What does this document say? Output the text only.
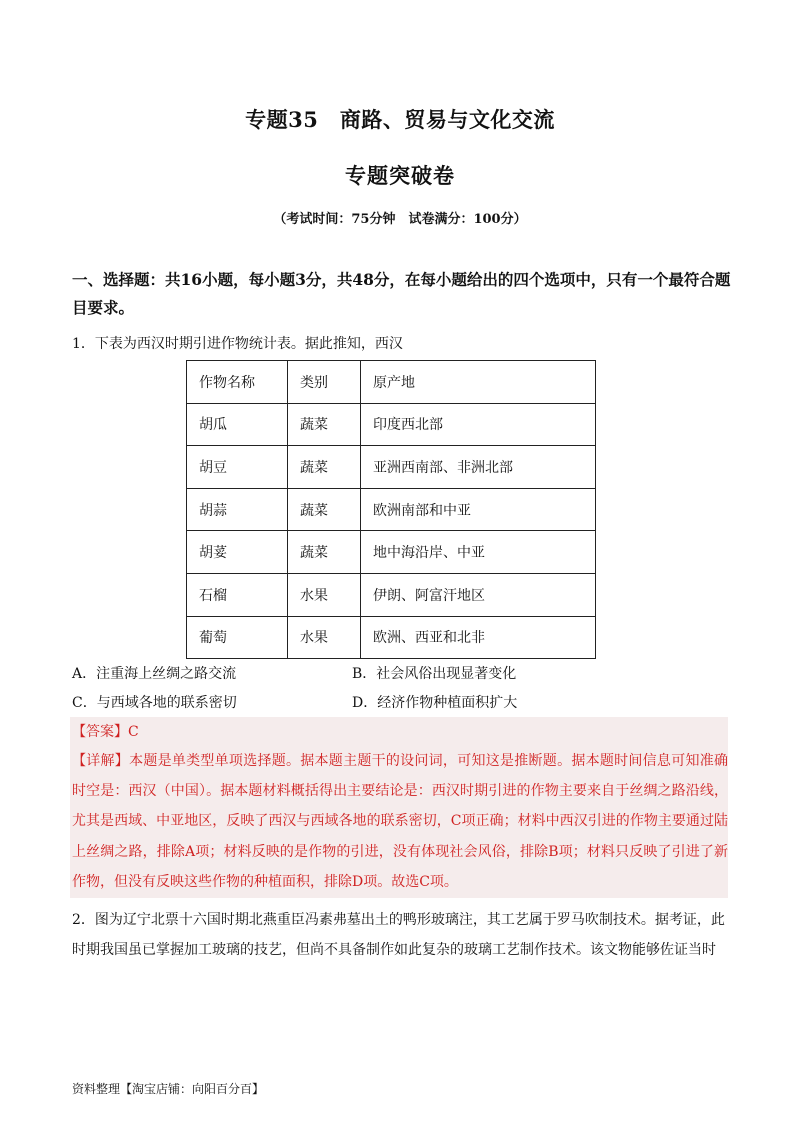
专题35　商路、贸易与文化交流
专题突破卷
（考试时间：75分钟　试卷满分：100分）
一、选择题：共16小题，每小题3分，共48分，在每小题给出的四个选项中，只有一个最符合题目要求。
1．下表为西汉时期引进作物统计表。据此推知，西汉
作物名称	类别	原产地
胡瓜	蔬菜	印度西北部
胡豆	蔬菜	亚洲西南部、非洲北部
胡蒜	蔬菜	欧洲南部和中亚
胡荽	蔬菜	地中海沿岸、中亚
石榴	水果	伊朗、阿富汗地区
葡萄	水果	欧洲、西亚和北非
A．注重海上丝绸之路交流	B．社会风俗出现显著变化
C．与西域各地的联系密切	D．经济作物种植面积扩大
【答案】C
【详解】本题是单类型单项选择题。据本题主题干的设问词，可知这是推断题。据本题时间信息可知准确时空是：西汉（中国）。据本题材料概括得出主要结论是：西汉时期引进的作物主要来自于丝绸之路沿线，尤其是西域、中亚地区，反映了西汉与西域各地的联系密切，C项正确；材料中西汉引进的作物主要通过陆上丝绸之路，排除A项；材料反映的是作物的引进，没有体现社会风俗，排除B项；材料只反映了引进了新作物，但没有反映这些作物的种植面积，排除D项。故选C项。
2．图为辽宁北票十六国时期北燕重臣冯素弗墓出土的鸭形玻璃注，其工艺属于罗马吹制技术。据考证，此时期我国虽已掌握加工玻璃的技艺，但尚不具备制作如此复杂的玻璃工艺制作技术。该文物能够佐证当时
资料整理【淘宝店铺：向阳百分百】
